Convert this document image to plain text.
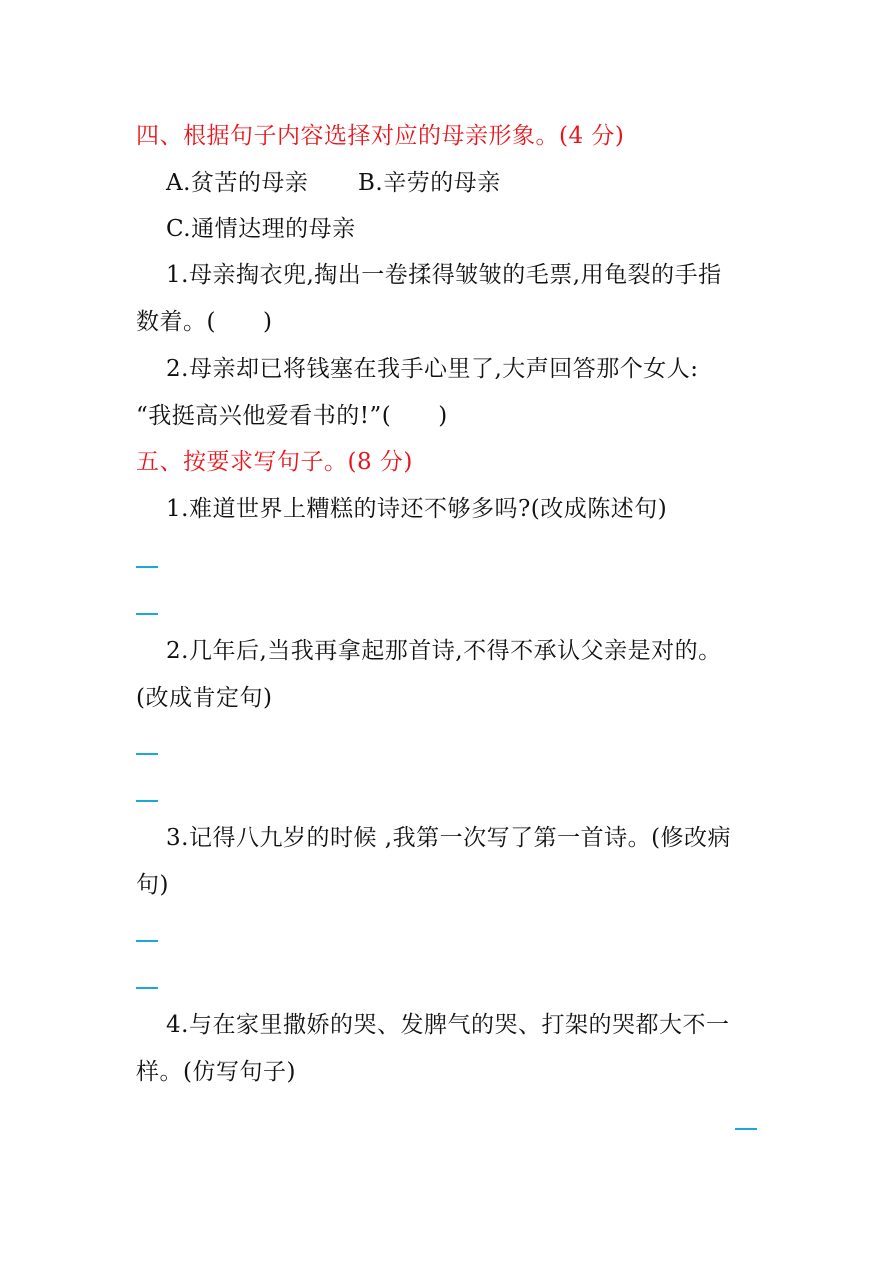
四、根据句子内容选择对应的母亲形象。(4 分)
A.贫苦的母亲 B.辛劳的母亲
C.通情达理的母亲
1.母亲掏衣兜,掏出一卷揉得皱皱的毛票,用龟裂的手指
数着。(　　)
2.母亲却已将钱塞在我手心里了,大声回答那个女人:
“我挺高兴他爱看书的!”(　　)
五、按要求写句子。(8 分)
1.难道世界上糟糕的诗还不够多吗?(改成陈述句)
2.几年后,当我再拿起那首诗,不得不承认父亲是对的。
(改成肯定句)
3.记得八九岁的时候 ,我第一次写了第一首诗。(修改病
句)
4.与在家里撒娇的哭、发脾气的哭、打架的哭都大不一
样。(仿写句子)
